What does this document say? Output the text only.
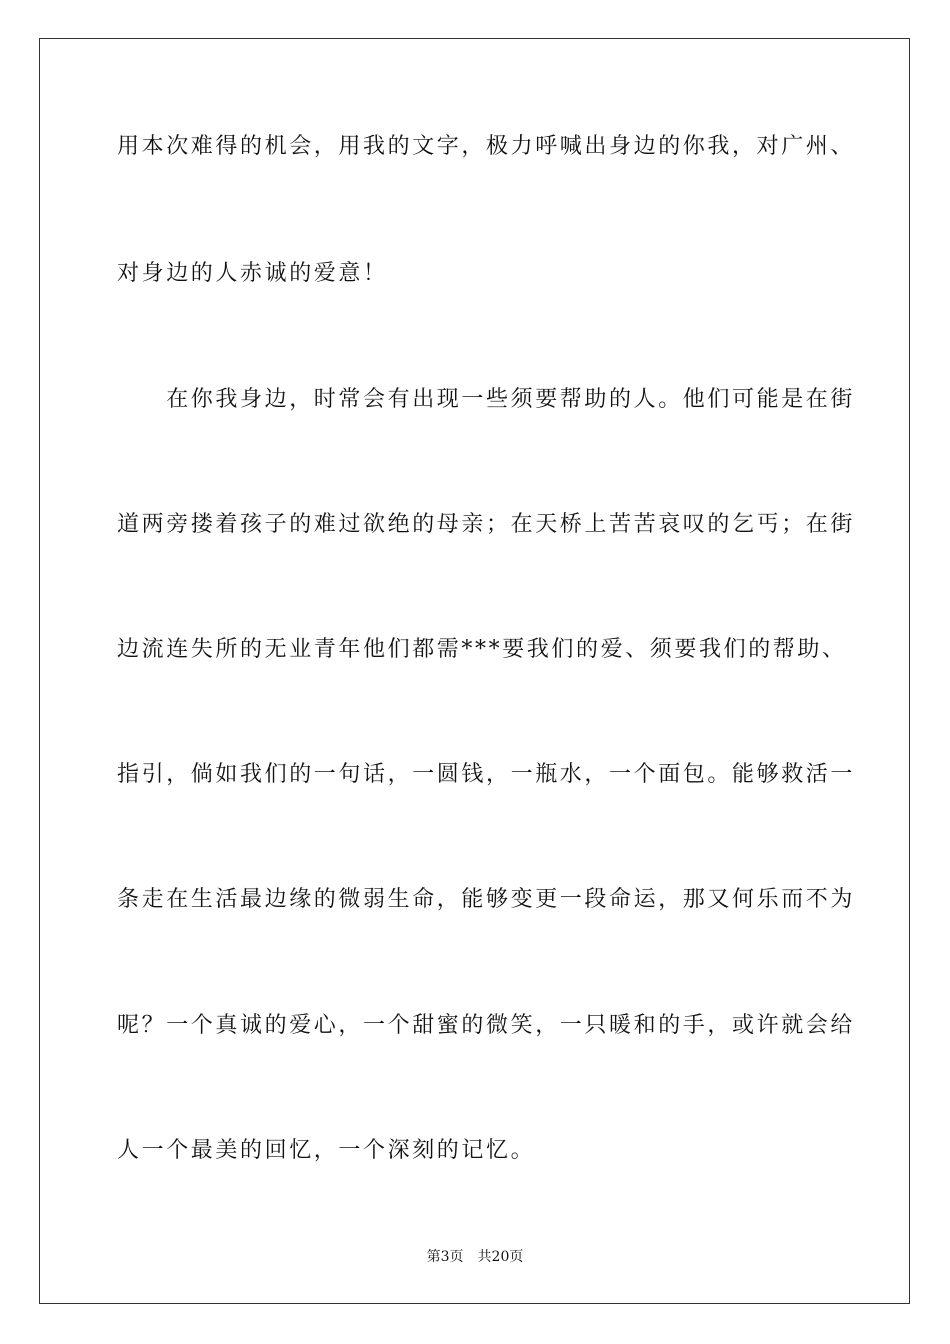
用本次难得的机会，用我的文字，极力呼喊出身边的你我，对广州、
对身边的人赤诚的爱意！
　　在你我身边，时常会有出现一些须要帮助的人。他们可能是在街
道两旁搂着孩子的难过欲绝的母亲；在天桥上苦苦哀叹的乞丐；在街
边流连失所的无业青年他们都需***要我们的爱、须要我们的帮助、
指引，倘如我们的一句话，一圆钱，一瓶水，一个面包。能够救活一
条走在生活最边缘的微弱生命，能够变更一段命运，那又何乐而不为
呢？一个真诚的爱心，一个甜蜜的微笑，一只暖和的手，或许就会给
人一个最美的回忆，一个深刻的记忆。
第3页 共20页
